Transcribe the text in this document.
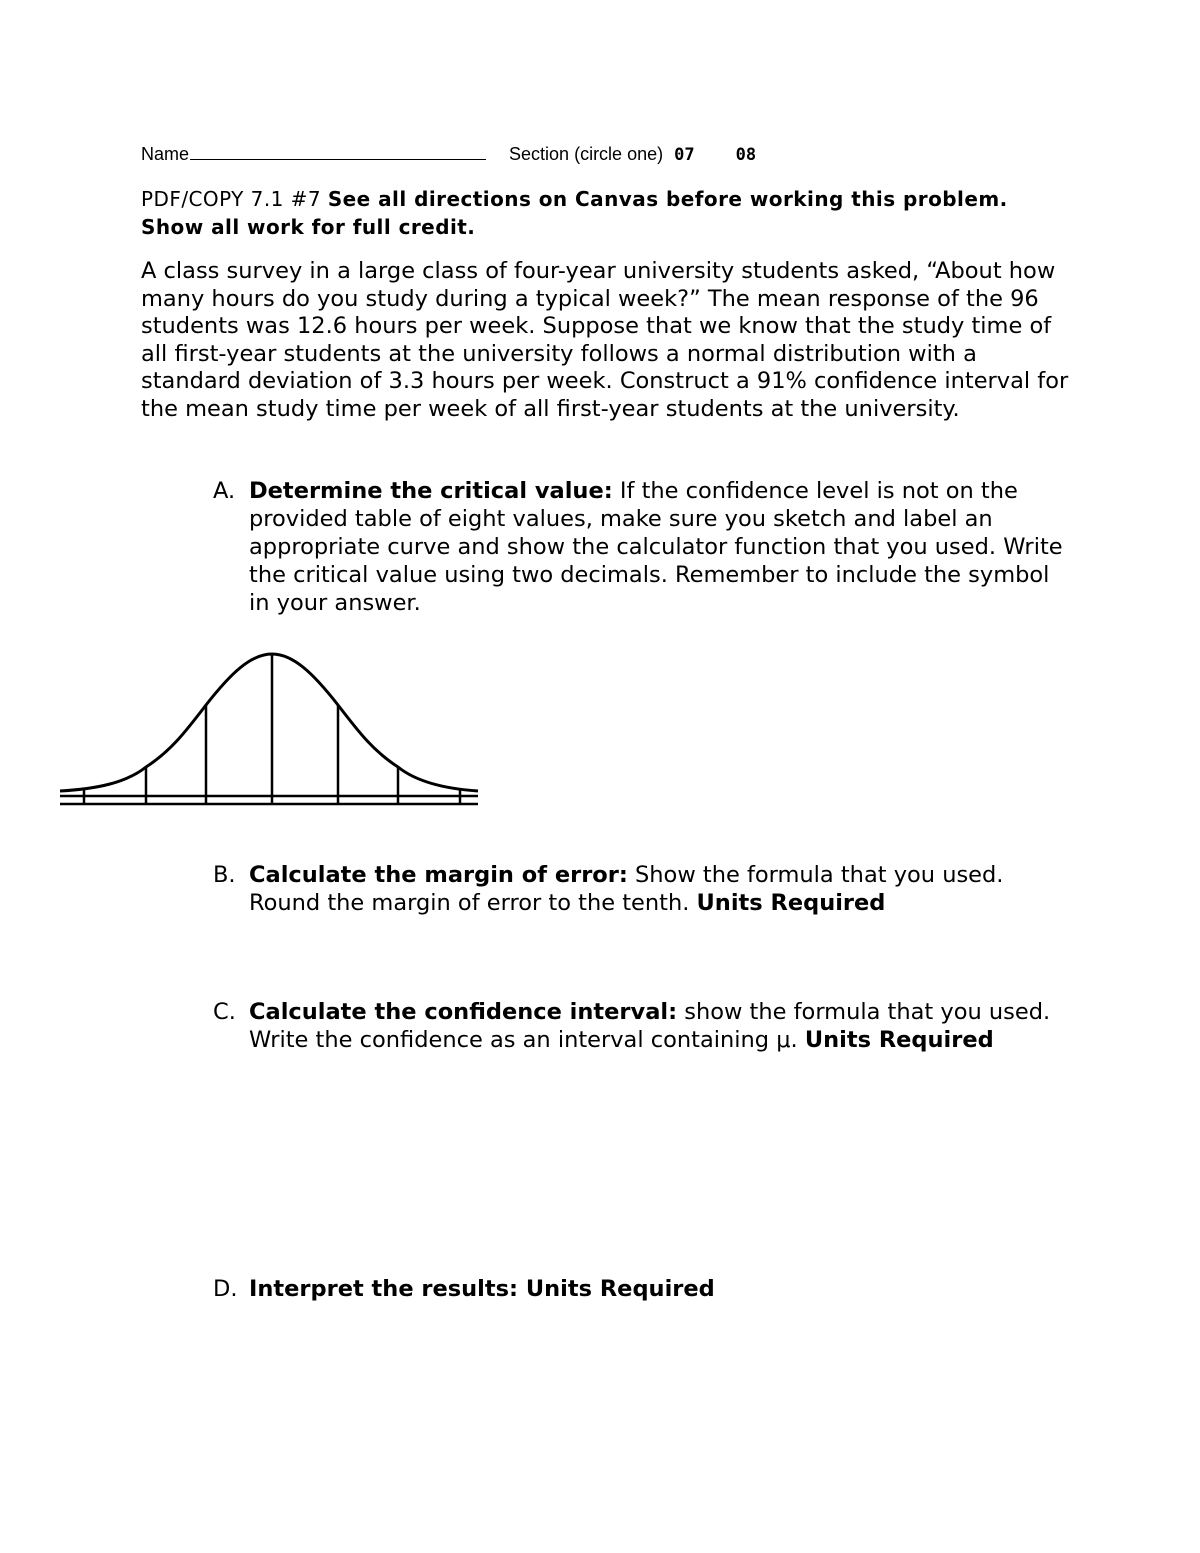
Name	Section (circle one) 07 08
PDF/COPY 7.1 #7 See all directions on Canvas before working this problem. Show all work for full credit.

A class survey in a large class of four-year university students asked, “About how many hours do you study during a typical week?” The mean response of the 96 students was 12.6 hours per week. Suppose that we know that the study time of all first-year students at the university follows a normal distribution with a standard deviation of 3.3 hours per week. Construct a 91% confidence interval for the mean study time per week of all first-year students at the university.

A. Determine the critical value: If the confidence level is not on the provided table of eight values, make sure you sketch and label an appropriate curve and show the calculator function that you used. Write the critical value using two decimals. Remember to include the symbol in your answer.
B. Calculate the margin of error: Show the formula that you used. Round the margin of error to the tenth. Units Required
C. Calculate the confidence interval: show the formula that you used. Write the confidence as an interval containing μ. Units Required
D. Interpret the results: Units Required
